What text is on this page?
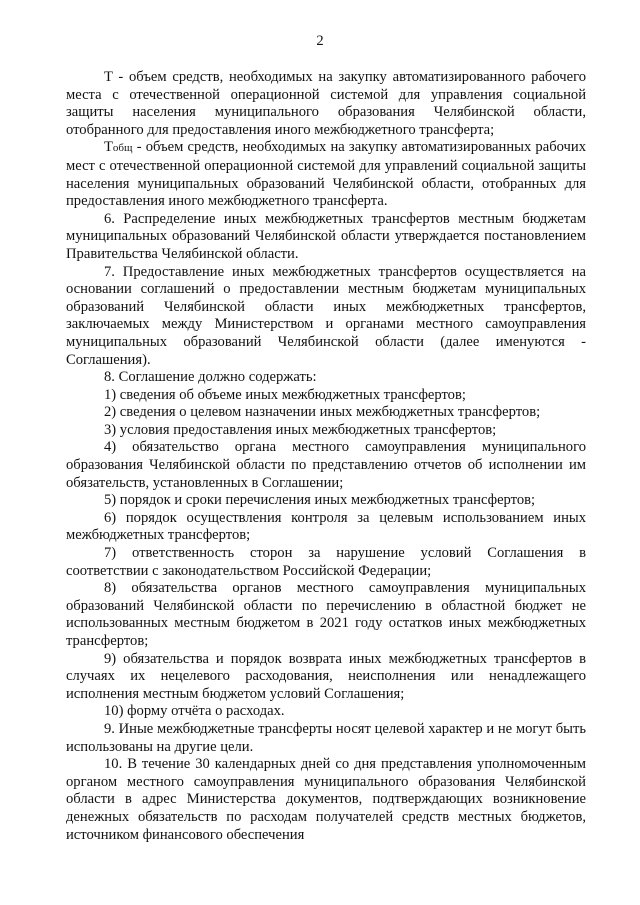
2

T - объем средств, необходимых на закупку автоматизированного рабочего места с отечественной операционной системой для управления социальной защиты населения муниципального образования Челябинской области, отобранного для предоставления иного межбюджетного трансферта;

Tобщ - объем средств, необходимых на закупку автоматизированных рабочих мест с отечественной операционной системой для управлений социальной защиты населения муниципальных образований Челябинской области, отобранных для предоставления иного межбюджетного трансферта.

6. Распределение иных межбюджетных трансфертов местным бюджетам муниципальных образований Челябинской области утверждается постановлением Правительства Челябинской области.

7. Предоставление иных межбюджетных трансфертов осуществляется на основании соглашений о предоставлении местным бюджетам муниципальных образований Челябинской области иных межбюджетных трансфертов, заключаемых между Министерством и органами местного самоуправления муниципальных образований Челябинской области (далее именуются - Соглашения).

8. Соглашение должно содержать:

1) сведения об объеме иных межбюджетных трансфертов;

2) сведения о целевом назначении иных межбюджетных трансфертов;

3) условия предоставления иных межбюджетных трансфертов;

4) обязательство органа местного самоуправления муниципального образования Челябинской области по представлению отчетов об исполнении им обязательств, установленных в Соглашении;

5) порядок и сроки перечисления иных межбюджетных трансфертов;

6) порядок осуществления контроля за целевым использованием иных межбюджетных трансфертов;

7) ответственность сторон за нарушение условий Соглашения в соответствии с законодательством Российской Федерации;

8) обязательства органов местного самоуправления муниципальных образований Челябинской области по перечислению в областной бюджет не использованных местным бюджетом в 2021 году остатков иных межбюджетных трансфертов;

9) обязательства и порядок возврата иных межбюджетных трансфертов в случаях их нецелевого расходования, неисполнения или ненадлежащего исполнения местным бюджетом условий Соглашения;

10) форму отчёта о расходах.

9. Иные межбюджетные трансферты носят целевой характер и не могут быть использованы на другие цели.

10. В течение 30 календарных дней со дня представления уполномоченным органом местного самоуправления муниципального образования Челябинской области в адрес Министерства документов, подтверждающих возникновение денежных обязательств по расходам получателей средств местных бюджетов, источником финансового обеспечения
